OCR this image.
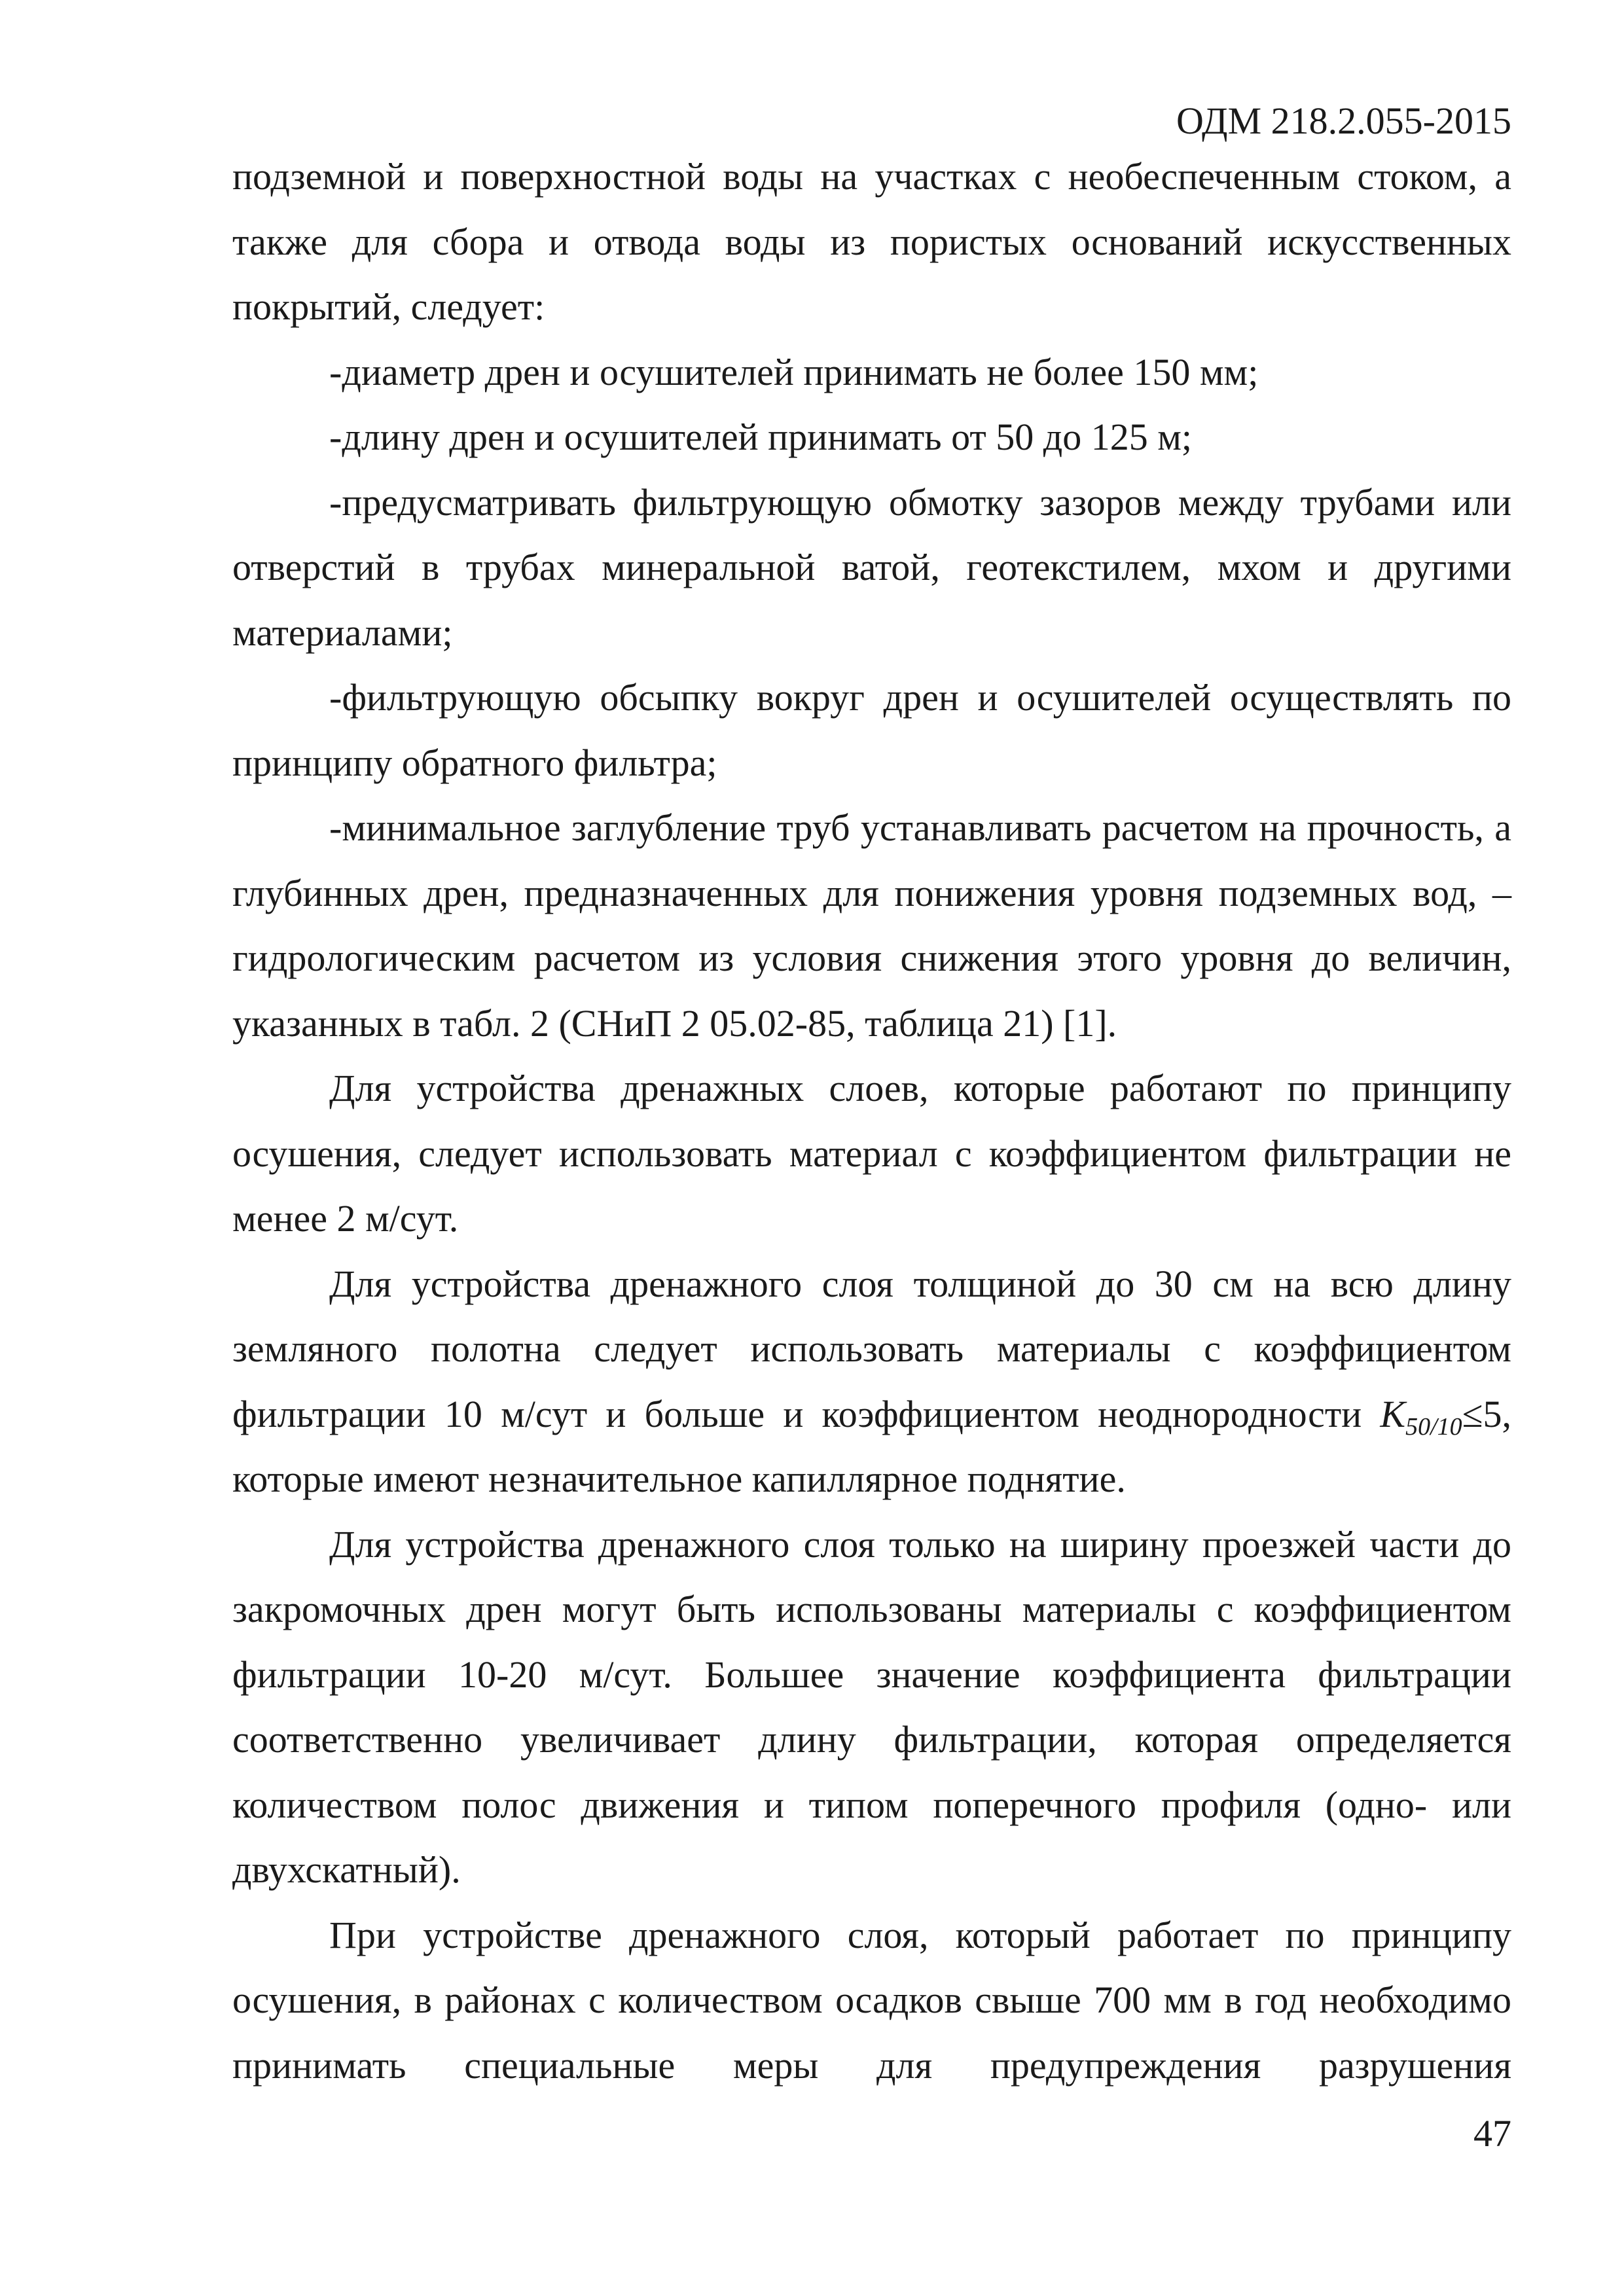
ОДМ 218.2.055-2015

подземной и поверхностной воды на участках с необеспеченным стоком, а также для сбора и отвода воды из пористых оснований искусственных покрытий, следует:

-диаметр дрен и осушителей принимать не более 150 мм;

-длину дрен и осушителей принимать от 50 до 125 м;

-предусматривать фильтрующую обмотку зазоров между трубами или отверстий в трубах минеральной ватой, геотекстилем, мхом и другими материалами;

-фильтрующую обсыпку вокруг дрен и осушителей осуществлять по принципу обратного фильтра;

-минимальное заглубление труб устанавливать расчетом на прочность, а глубинных дрен, предназначенных для понижения уровня подземных вод, – гидрологическим расчетом из условия снижения этого уровня до величин, указанных в табл. 2 (СНиП 2 05.02-85, таблица 21) [1].

Для устройства дренажных слоев, которые работают по принципу осушения, следует использовать материал с коэффициентом фильтрации не менее 2 м/сут.

Для устройства дренажного слоя толщиной до 30 см на всю длину земляного полотна следует использовать материалы с коэффициентом фильтрации 10 м/сут и больше и коэффициентом неоднородности $K_{50/10}\le 5$, которые имеют незначительное капиллярное поднятие.

Для устройства дренажного слоя только на ширину проезжей части до закромочных дрен могут быть использованы материалы с коэффициентом фильтрации 10-20 м/сут. Большее значение коэффициента фильтрации соответственно увеличивает длину фильтрации, которая определяется количеством полос движения и типом поперечного профиля (одно- или двухскатный).

При устройстве дренажного слоя, который работает по принципу осушения, в районах с количеством осадков свыше 700 мм в год необходимо принимать специальные меры для предупреждения разрушения

47
